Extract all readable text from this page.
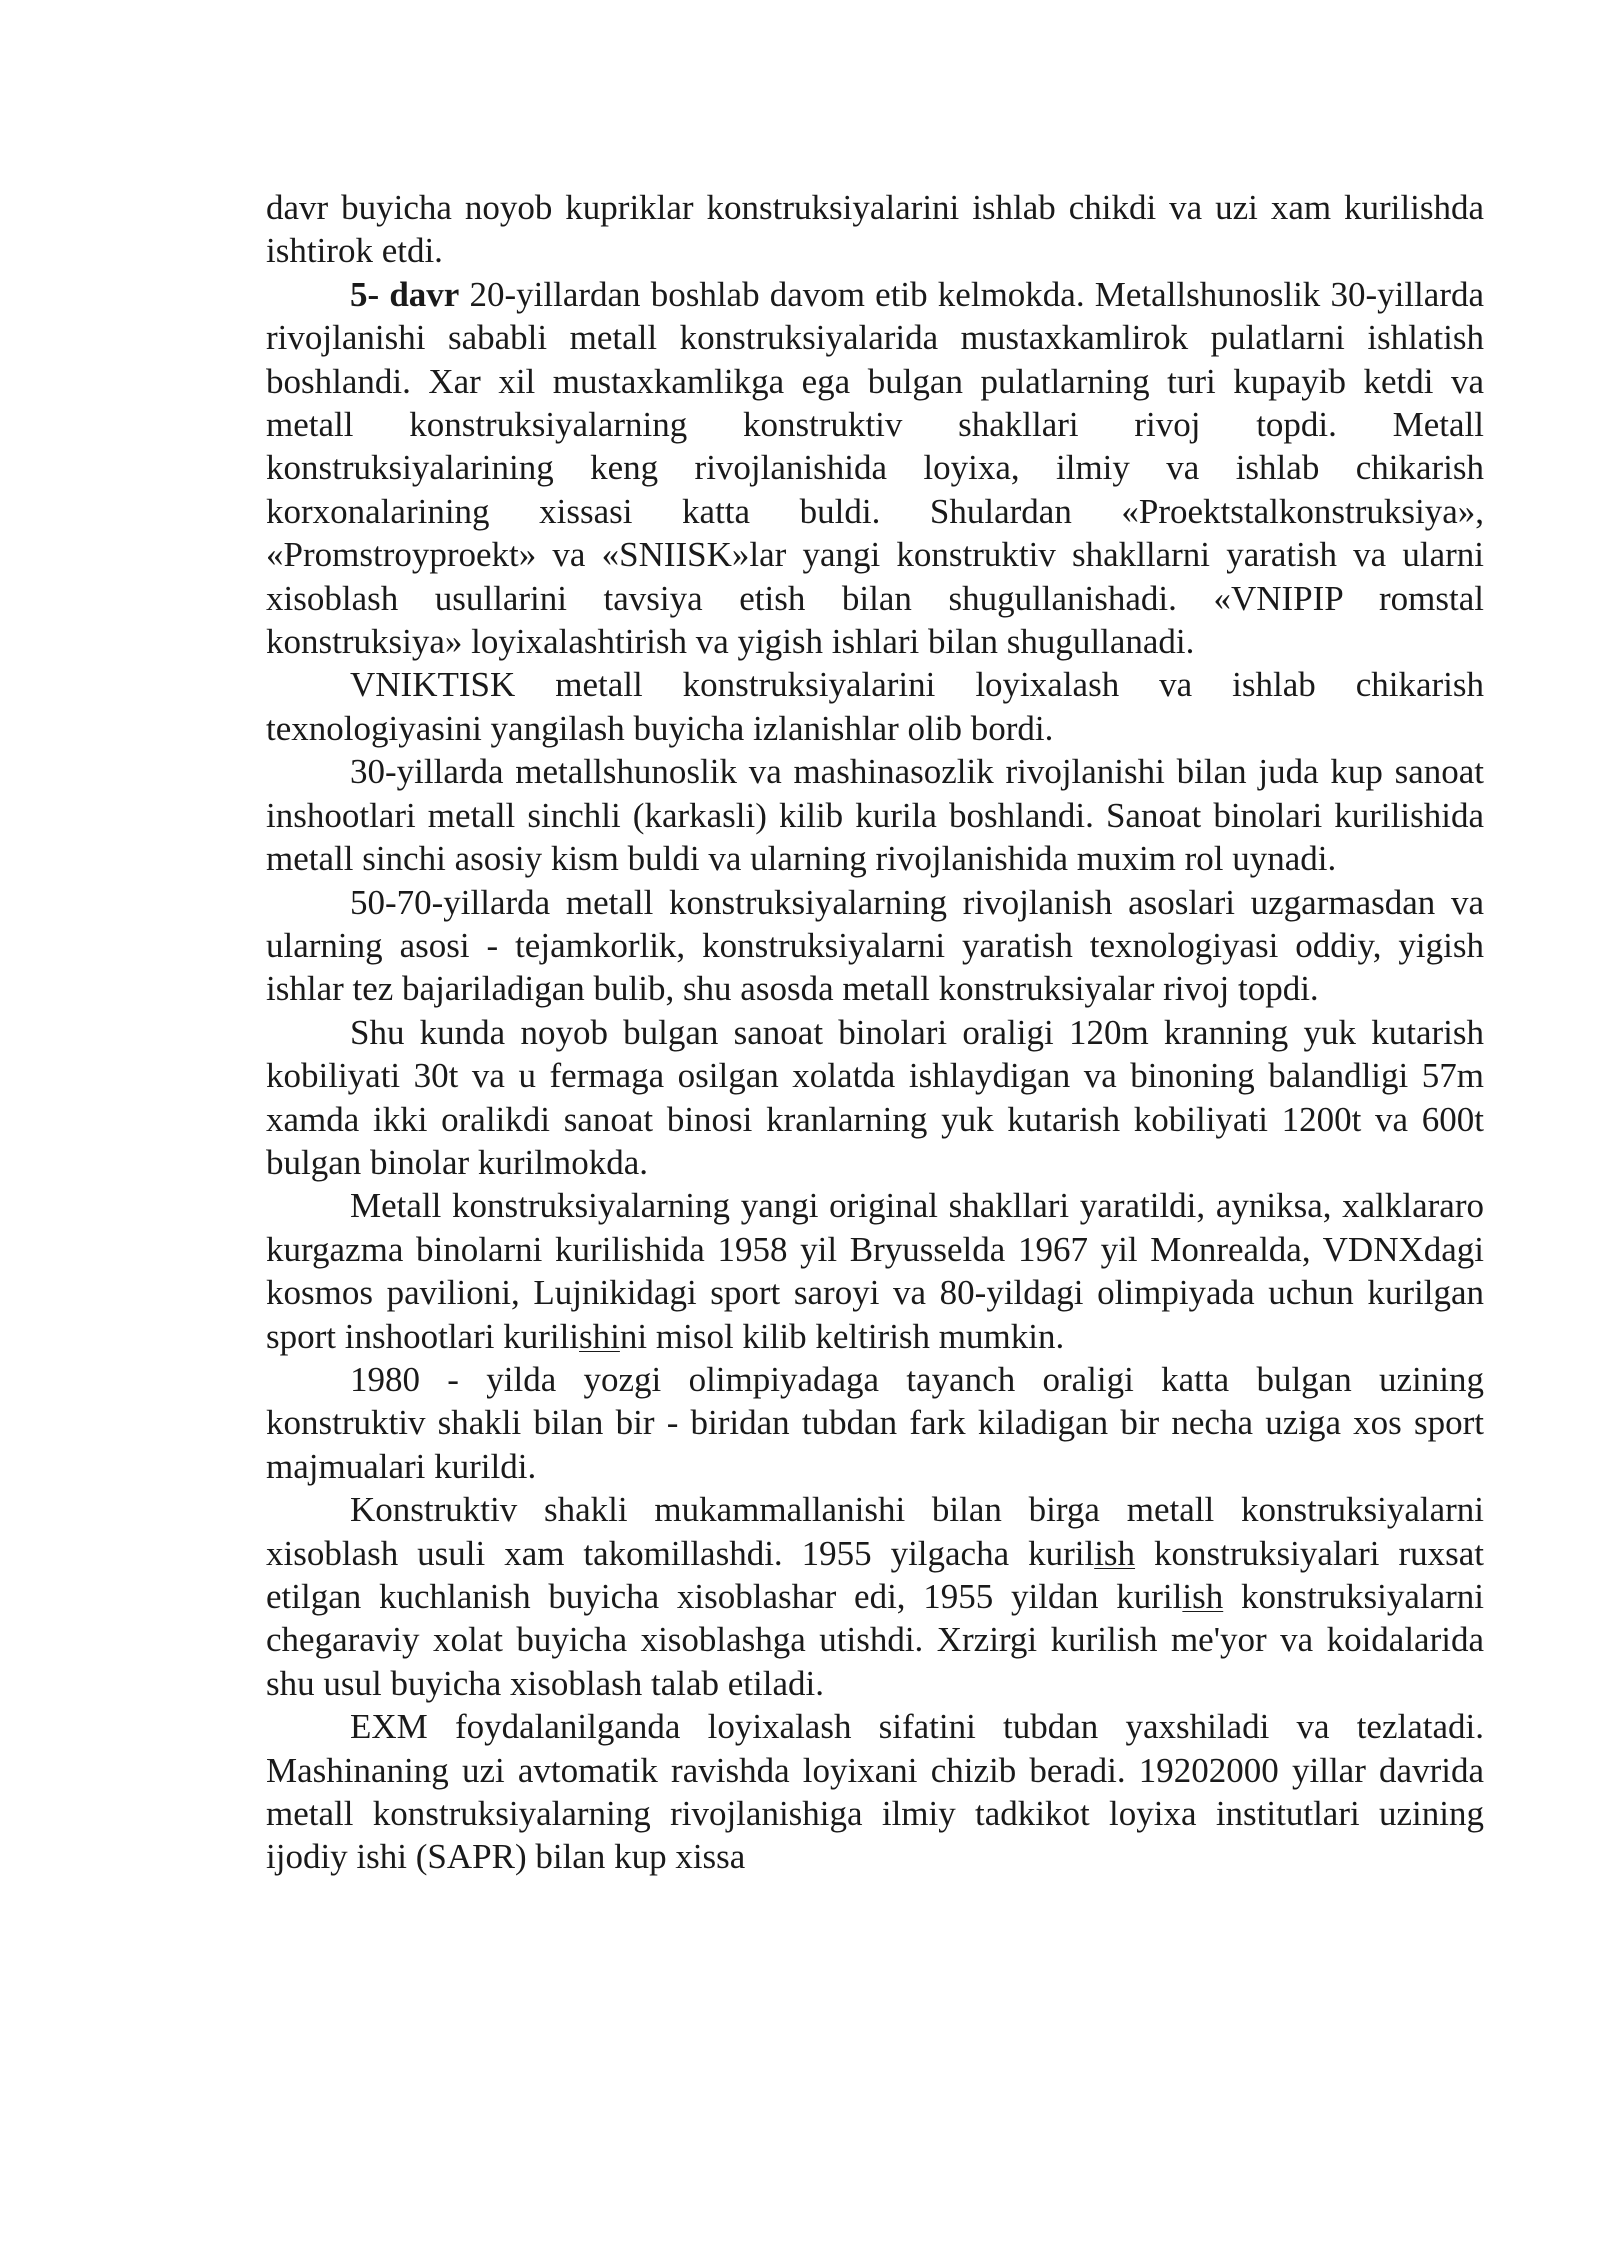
davr buyicha noyob kupriklar konstruksiyalarini ishlab chikdi va uzi xam kurilishda ishtirok etdi.

5- davr 20-yillardan boshlab davom etib kelmokda. Metallshunoslik 30-yillarda rivojlanishi sababli metall konstruksiyalarida mustaxkamlirok pulatlarni ishlatish boshlandi. Xar xil mustaxkamlikga ega bulgan pulatlarning turi kupayib ketdi va metall konstruksiyalarning konstruktiv shakllari rivoj topdi. Metall konstruksiyalarining keng rivojlanishida loyixa, ilmiy va ishlab chikarish korxonalarining xissasi katta buldi. Shulardan «Proektstalkonstruksiya», «Promstroyproekt» va «SNIISK»lar yangi konstruktiv shakllarni yaratish va ularni xisoblash usullarini tavsiya etish bilan shugullanishadi. «VNIPIP romstal konstruksiya» loyixalashtirish va yigish ishlari bilan shugullanadi.

VNIKTISK metall konstruksiyalarini loyixalash va ishlab chikarish texnologiyasini yangilash buyicha izlanishlar olib bordi.

30-yillarda metallshunoslik va mashinasozlik rivojlanishi bilan juda kup sanoat inshootlari metall sinchli (karkasli) kilib kurila boshlandi. Sanoat binolari kurilishida metall sinchi asosiy kism buldi va ularning rivojlanishida muxim rol uynadi.

50-70-yillarda metall konstruksiyalarning rivojlanish asoslari uzgarmasdan va ularning asosi - tejamkorlik, konstruksiyalarni yaratish texnologiyasi oddiy, yigish ishlar tez bajariladigan bulib, shu asosda metall konstruksiyalar rivoj topdi.

Shu kunda noyob bulgan sanoat binolari oraligi 120m kranning yuk kutarish kobiliyati 30t va u fermaga osilgan xolatda ishlaydigan va binoning balandligi 57m xamda ikki oralikdi sanoat binosi kranlarning yuk kutarish kobiliyati 1200t va 600t bulgan binolar kurilmokda.

Metall konstruksiyalarning yangi original shakllari yaratildi, ayniksa, xalklararo kurgazma binolarni kurilishida 1958 yil Bryusselda 1967 yil Monrealda, VDNXdagi kosmos pavilioni, Lujnikidagi sport saroyi va 80-yildagi olimpiyada uchun kurilgan sport inshootlari kurilishini misol kilib keltirish mumkin.

1980 - yilda yozgi olimpiyadaga tayanch oraligi katta bulgan uzining konstruktiv shakli bilan bir - biridan tubdan fark kiladigan bir necha uziga xos sport majmualari kurildi.

Konstruktiv shakli mukammallanishi bilan birga metall konstruksiyalarni xisoblash usuli xam takomillashdi. 1955 yilgacha kurilish konstruksiyalari ruxsat etilgan kuchlanish buyicha xisoblashar edi, 1955 yildan kurilish konstruksiyalarni chegaraviy xolat buyicha xisoblashga utishdi. Xrzirgi kurilish me'yor va koidalarida shu usul buyicha xisoblash talab etiladi.

EXM foydalanilganda loyixalash sifatini tubdan yaxshiladi va tezlatadi. Mashinaning uzi avtomatik ravishda loyixani chizib beradi. 19202000 yillar davrida metall konstruksiyalarning rivojlanishiga ilmiy tadkikot loyixa institutlari uzining ijodiy ishi (SAPR) bilan kup xissa
